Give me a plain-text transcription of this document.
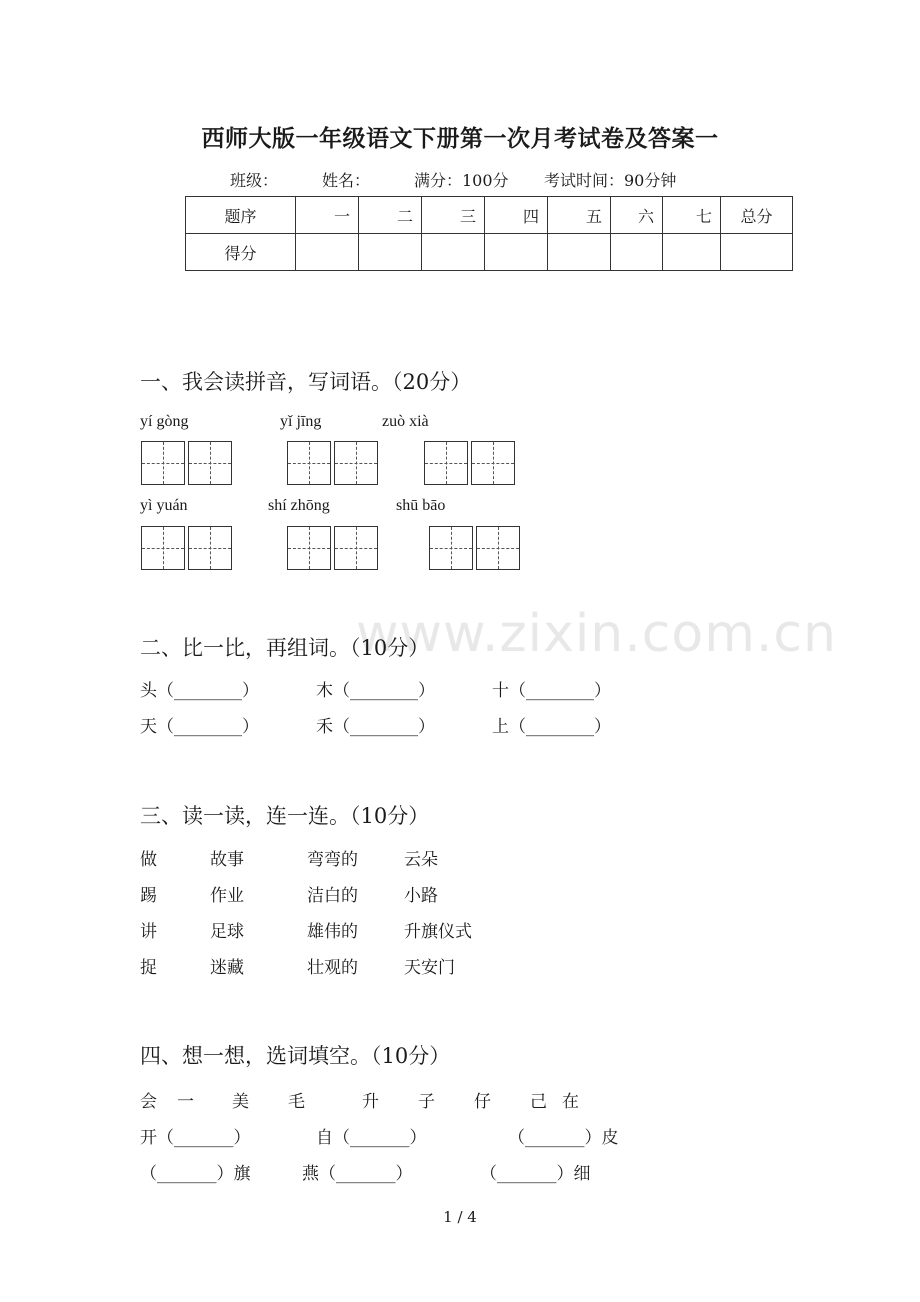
www.zixin.com.cn
西师大版一年级语文下册第一次月考试卷及答案一
班级：	姓名：	满分：100分 考试时间：90分钟
题序	一	二	三	四	五	六	七	总分
得分								
一、我会读拼音，写词语。（20分）
yí gòng	yǐ jīng	zuò xià
yì yuán	shí zhōng	shū bāo
二、比一比，再组词。（10分）
头（________）	木（________）	十（________）
天（________）	禾（________）	上（________）
三、读一读，连一连。（10分）
做	故事	弯弯的	云朵
踢	作业	洁白的	小路
讲	足球	雄伟的	升旗仪式
捉	迷藏	壮观的	天安门
四、想一想，选词填空。（10分）
会 一 美 毛	升 子 仔 己 在
开（_______）	自（_______）	（_______）皮
（_______）旗	燕（_______）	（_______）细
1 / 4
